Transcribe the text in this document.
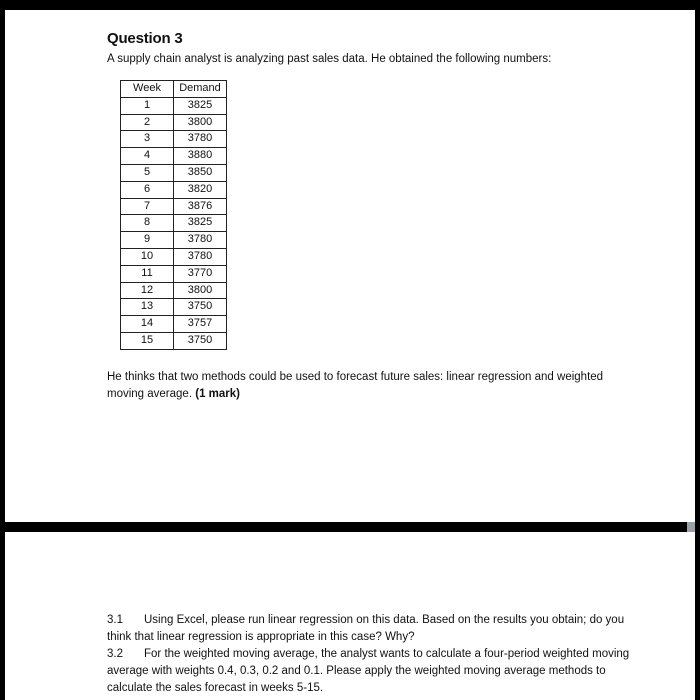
Question 3
A supply chain analyst is analyzing past sales data. He obtained the following numbers:
Week	Demand
1	3825
2	3800
3	3780
4	3880
5	3850
6	3820
7	3876
8	3825
9	3780
10	3780
11	3770
12	3800
13	3750
14	3757
15	3750
He thinks that two methods could be used to forecast future sales: linear regression and weighted moving average. (1 mark)
3.1 Using Excel, please run linear regression on this data. Based on the results you obtain; do you think that linear regression is appropriate in this case? Why?
3.2 For the weighted moving average, the analyst wants to calculate a four-period weighted moving average with weights 0.4, 0.3, 0.2 and 0.1. Please apply the weighted moving average methods to calculate the sales forecast in weeks 5-15.
